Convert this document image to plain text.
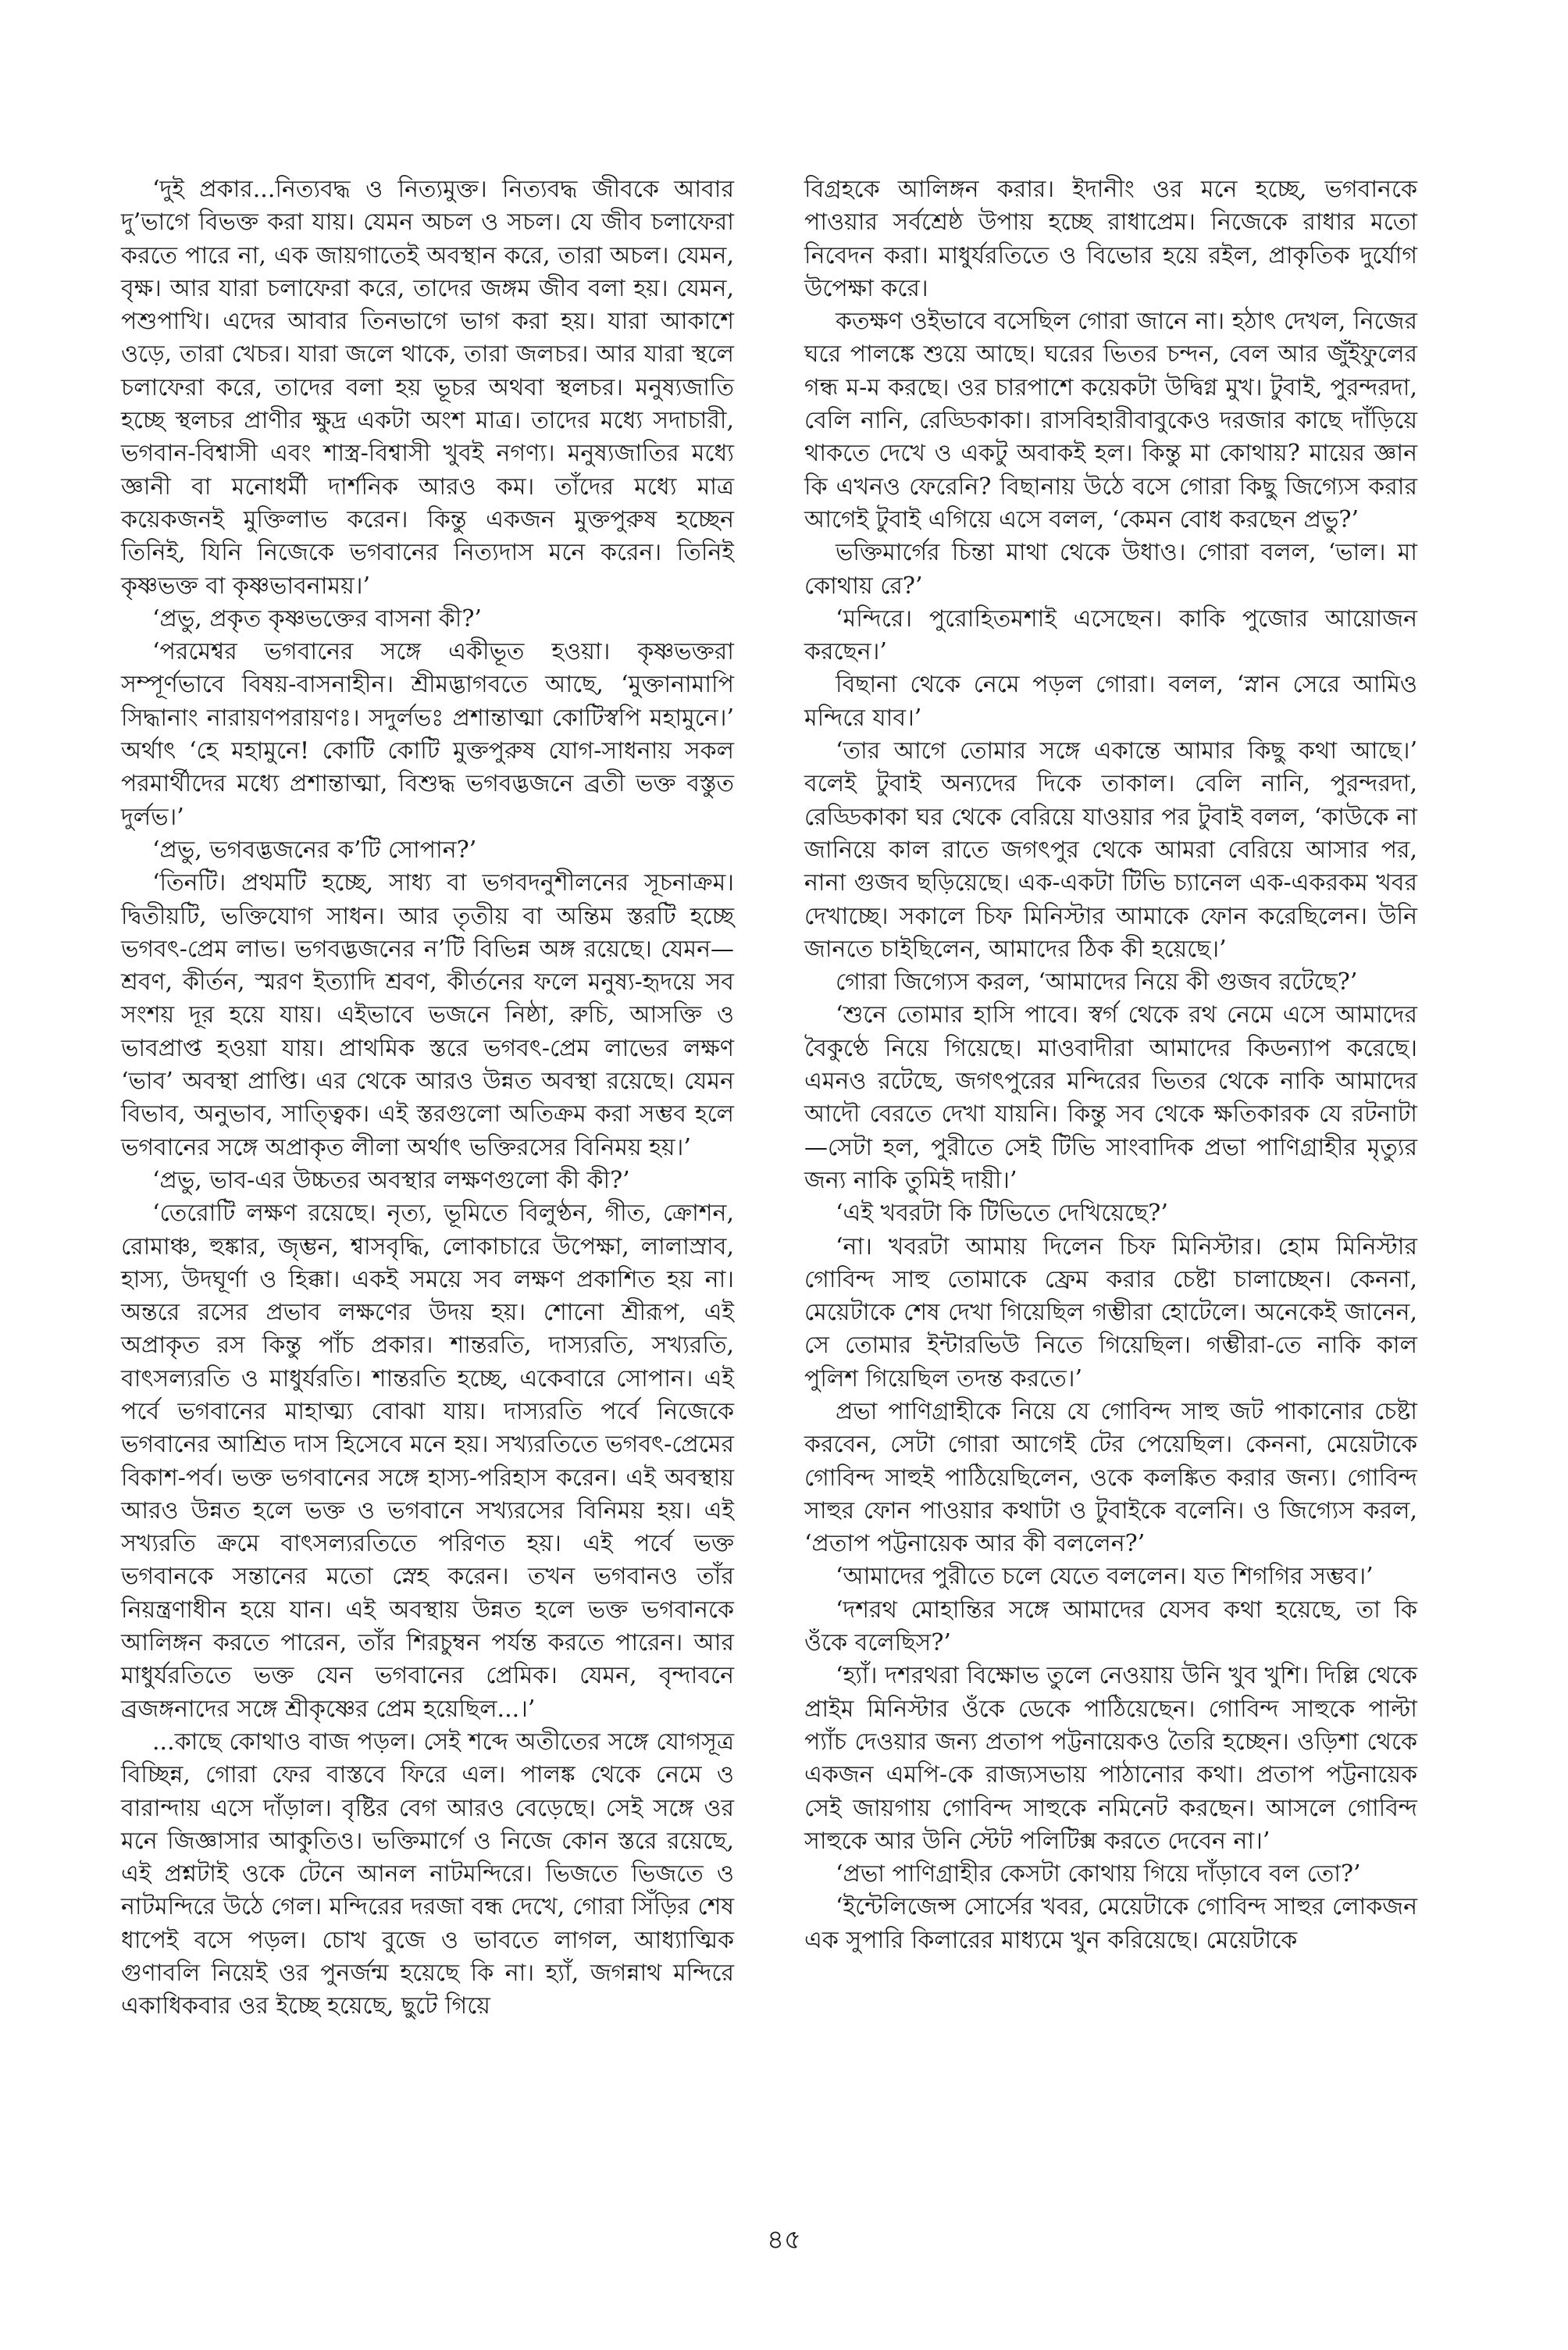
‘দুই প্রকার...নিত্যবদ্ধ ও নিত্যমুক্ত। নিত্যবদ্ধ জীবকে আবার দু’ভাগে বিভক্ত করা যায়। যেমন অচল ও সচল। যে জীব চলাফেরা করতে পারে না, এক জায়গাতেই অবস্থান করে, তারা অচল। যেমন, বৃক্ষ। আর যারা চলাফেরা করে, তাদের জঙ্গম জীব বলা হয়। যেমন, পশুপাখি। এদের আবার তিনভাগে ভাগ করা হয়। যারা আকাশে ওড়ে, তারা খেচর। যারা জলে থাকে, তারা জলচর। আর যারা স্থলে চলাফেরা করে, তাদের বলা হয় ভূচর অথবা স্থলচর। মনুষ্যজাতি হচ্ছে স্থলচর প্রাণীর ক্ষুদ্র একটা অংশ মাত্র। তাদের মধ্যে সদাচারী, ভগবান-বিশ্বাসী এবং শাস্ত্র-বিশ্বাসী খুবই নগণ্য। মনুষ্যজাতির মধ্যে জ্ঞানী বা মনোধর্মী দার্শনিক আরও কম। তাঁদের মধ্যে মাত্র কয়েকজনই মুক্তিলাভ করেন। কিন্তু একজন মুক্তপুরুষ হচ্ছেন তিনিই, যিনি নিজেকে ভগবানের নিত্যদাস মনে করেন। তিনিই কৃষ্ণভক্ত বা কৃষ্ণভাবনাময়।’

‘প্রভু, প্রকৃত কৃষ্ণভক্তের বাসনা কী?’

‘পরমেশ্বর ভগবানের সঙ্গে একীভূত হওয়া। কৃষ্ণভক্তরা সম্পূর্ণভাবে বিষয়-বাসনাহীন। শ্রীমদ্ভাগবতে আছে, ‘মুক্তানামাপি সিদ্ধানাং নারায়ণপরায়ণঃ। সদুর্লভঃ প্রশান্তাত্মা কোটিস্বপি মহামুনে।’ অর্থাৎ ‘হে মহামুনে! কোটি কোটি মুক্তপুরুষ যোগ-সাধনায় সকল পরমার্থীদের মধ্যে প্রশান্তাত্মা, বিশুদ্ধ ভগবদ্ভজনে ব্রতী ভক্ত বস্তুত দুর্লভ।’

‘প্রভু, ভগবদ্ভজনের ক’টি সোপান?’

‘তিনটি। প্রথমটি হচ্ছে, সাধ্য বা ভগবদনুশীলনের সূচনাক্রম। দ্বিতীয়টি, ভক্তিযোগ সাধন। আর তৃতীয় বা অন্তিম স্তরটি হচ্ছে ভগবৎ-প্রেম লাভ। ভগবদ্ভজনের ন’টি বিভিন্ন অঙ্গ রয়েছে। যেমন—শ্রবণ, কীর্তন, স্মরণ ইত্যাদি শ্রবণ, কীর্তনের ফলে মনুষ্য-হৃদয়ে সব সংশয় দূর হয়ে যায়। এইভাবে ভজনে নিষ্ঠা, রুচি, আসক্তি ও ভাবপ্রাপ্ত হওয়া যায়। প্রাথমিক স্তরে ভগবৎ-প্রেম লাভের লক্ষণ ‘ভাব’ অবস্থা প্রাপ্তি। এর থেকে আরও উন্নত অবস্থা রয়েছে। যেমন বিভাব, অনুভাব, সাত্ত্বিক। এই স্তরগুলো অতিক্রম করা সম্ভব হলে ভগবানের সঙ্গে অপ্রাকৃত লীলা অর্থাৎ ভক্তিরসের বিনিময় হয়।’

‘প্রভু, ভাব-এর উচ্চতর অবস্থার লক্ষণগুলো কী কী?’

‘তেরোটি লক্ষণ রয়েছে। নৃত্য, ভূমিতে বিলুণ্ঠন, গীত, ক্রোশন, রোমাঞ্চ, হুঙ্কার, জৃম্ভন, শ্বাসবৃদ্ধি, লোকাচারে উপেক্ষা, লালাস্রাব, হাস্য, উদঘূর্ণা ও হিক্কা। একই সময়ে সব লক্ষণ প্রকাশিত হয় না। অন্তরে রসের প্রভাব লক্ষণের উদয় হয়। শোনো শ্রীরূপ, এই অপ্রাকৃত রস কিন্তু পাঁচ প্রকার। শান্তরতি, দাস্যরতি, সখ্যরতি, বাৎসল্যরতি ও মাধুর্যরতি। শান্তরতি হচ্ছে, একেবারে সোপান। এই পর্বে ভগবানের মাহাত্ম্য বোঝা যায়। দাস্যরতি পর্বে নিজেকে ভগবানের আশ্রিত দাস হিসেবে মনে হয়। সখ্যরতিতে ভগবৎ-প্রেমের বিকাশ-পর্ব। ভক্ত ভগবানের সঙ্গে হাস্য-পরিহাস করেন। এই অবস্থায় আরও উন্নত হলে ভক্ত ও ভগবানে সখ্যরসের বিনিময় হয়। এই সখ্যরতি ক্রমে বাৎসল্যরতিতে পরিণত হয়। এই পর্বে ভক্ত ভগবানকে সন্তানের মতো স্নেহ করেন। তখন ভগবানও তাঁর নিয়ন্ত্রণাধীন হয়ে যান। এই অবস্থায় উন্নত হলে ভক্ত ভগবানকে আলিঙ্গন করতে পারেন, তাঁর শিরচুম্বন পর্যন্ত করতে পারেন। আর মাধুর্যরতিতে ভক্ত যেন ভগবানের প্রেমিক। যেমন, বৃন্দাবনে ব্রজঙ্গনাদের সঙ্গে শ্রীকৃষ্ণের প্রেম হয়েছিল...।’

...কাছে কোথাও বাজ পড়ল। সেই শব্দে অতীতের সঙ্গে যোগসূত্র বিচ্ছিন্ন, গোরা ফের বাস্তবে ফিরে এল। পালঙ্ক থেকে নেমে ও বারান্দায় এসে দাঁড়াল। বৃষ্টির বেগ আরও বেড়েছে। সেই সঙ্গে ওর মনে জিজ্ঞাসার আকুতিও। ভক্তিমার্গে ও নিজে কোন স্তরে রয়েছে, এই প্রশ্নটাই ওকে টেনে আনল নাটমন্দিরে। ভিজতে ভিজতে ও নাটমন্দিরে উঠে গেল। মন্দিরের দরজা বন্ধ দেখে, গোরা সিঁড়ির শেষ ধাপেই বসে পড়ল। চোখ বুজে ও ভাবতে লাগল, আধ্যাত্মিক গুণাবলি নিয়েই ওর পুনর্জন্ম হয়েছে কি না। হ্যাঁ, জগন্নাথ মন্দিরে একাধিকবার ওর ইচ্ছে হয়েছে, ছুটে গিয়ে

বিগ্রহকে আলিঙ্গন করার। ইদানীং ওর মনে হচ্ছে, ভগবানকে পাওয়ার সর্বশ্রেষ্ঠ উপায় হচ্ছে রাধাপ্রেম। নিজেকে রাধার মতো নিবেদন করা। মাধুর্যরতিতে ও বিভোর হয়ে রইল, প্রাকৃতিক দুর্যোগ উপেক্ষা করে।

কতক্ষণ ওইভাবে বসেছিল গোরা জানে না। হঠাৎ দেখল, নিজের ঘরে পালঙ্কে শুয়ে আছে। ঘরের ভিতর চন্দন, বেল আর জুঁইফুলের গন্ধ ম-ম করছে। ওর চারপাশে কয়েকটা উদ্বিগ্ন মুখ। টুবাই, পুরন্দরদা, বেলি নানি, রেড্ডিকাকা। রাসবিহারীবাবুকেও দরজার কাছে দাঁড়িয়ে থাকতে দেখে ও একটু অবাকই হল। কিন্তু মা কোথায়? মায়ের জ্ঞান কি এখনও ফেরেনি? বিছানায় উঠে বসে গোরা কিছু জিগ্যেস করার আগেই টুবাই এগিয়ে এসে বলল, ‘কেমন বোধ করছেন প্রভু?’

ভক্তিমার্গের চিন্তা মাথা থেকে উধাও। গোরা বলল, ‘ভাল। মা কোথায় রে?’

‘মন্দিরে। পুরোহিতমশাই এসেছেন। কাকি পুজোর আয়োজন করছেন।’

বিছানা থেকে নেমে পড়ল গোরা। বলল, ‘স্নান সেরে আমিও মন্দিরে যাব।’

‘তার আগে তোমার সঙ্গে একান্তে আমার কিছু কথা আছে।’ বলেই টুবাই অন্যদের দিকে তাকাল। বেলি নানি, পুরন্দরদা, রেড্ডিকাকা ঘর থেকে বেরিয়ে যাওয়ার পর টুবাই বলল, ‘কাউকে না জানিয়ে কাল রাতে জগৎপুর থেকে আমরা বেরিয়ে আসার পর, নানা গুজব ছড়িয়েছে। এক-একটা টিভি চ্যানেল এক-একরকম খবর দেখাচ্ছে। সকালে চিফ মিনিস্টার আমাকে ফোন করেছিলেন। উনি জানতে চাইছিলেন, আমাদের ঠিক কী হয়েছে।’

গোরা জিগ্যেস করল, ‘আমাদের নিয়ে কী গুজব রটেছে?’

‘শুনে তোমার হাসি পাবে। স্বর্গ থেকে রথ নেমে এসে আমাদের বৈকুণ্ঠে নিয়ে গিয়েছে। মাওবাদীরা আমাদের কিডন্যাপ করেছে। এমনও রটেছে, জগৎপুরের মন্দিরের ভিতর থেকে নাকি আমাদের আদৌ বেরতে দেখা যায়নি। কিন্তু সব থেকে ক্ষতিকারক যে রটনাটা—সেটা হল, পুরীতে সেই টিভি সাংবাদিক প্রভা পাণিগ্রাহীর মৃত্যুর জন্য নাকি তুমিই দায়ী।’

‘এই খবরটা কি টিভিতে দেখিয়েছে?’

‘না। খবরটা আমায় দিলেন চিফ মিনিস্টার। হোম মিনিস্টার গোবিন্দ সাহু তোমাকে ফ্রেম করার চেষ্টা চালাচ্ছেন। কেননা, মেয়েটাকে শেষ দেখা গিয়েছিল গম্ভীরা হোটেলে। অনেকেই জানেন, সে তোমার ইন্টারভিউ নিতে গিয়েছিল। গম্ভীরা-তে নাকি কাল পুলিশ গিয়েছিল তদন্ত করতে।’

প্রভা পাণিগ্রাহীকে নিয়ে যে গোবিন্দ সাহু জট পাকানোর চেষ্টা করবেন, সেটা গোরা আগেই টের পেয়েছিল। কেননা, মেয়েটাকে গোবিন্দ সাহুই পাঠিয়েছিলেন, ওকে কলঙ্কিত করার জন্য। গোবিন্দ সাহুর ফোন পাওয়ার কথাটা ও টুবাইকে বলেনি। ও জিগ্যেস করল, ‘প্রতাপ পট্টনায়েক আর কী বললেন?’

‘আমাদের পুরীতে চলে যেতে বললেন। যত শিগগির সম্ভব।’

‘দশরথ মোহান্তির সঙ্গে আমাদের যেসব কথা হয়েছে, তা কি ওঁকে বলেছিস?’

‘হ্যাঁ। দশরথরা বিক্ষোভ তুলে নেওয়ায় উনি খুব খুশি। দিল্লি থেকে প্রাইম মিনিস্টার ওঁকে ডেকে পাঠিয়েছেন। গোবিন্দ সাহুকে পাল্টা প্যাঁচ দেওয়ার জন্য প্রতাপ পট্টনায়েকও তৈরি হচ্ছেন। ওড়িশা থেকে একজন এমপি-কে রাজ্যসভায় পাঠানোর কথা। প্রতাপ পট্টনায়েক সেই জায়গায় গোবিন্দ সাহুকে নমিনেট করছেন। আসলে গোবিন্দ সাহুকে আর উনি স্টেট পলিটিক্স করতে দেবেন না।’

‘প্রভা পাণিগ্রাহীর কেসটা কোথায় গিয়ে দাঁড়াবে বল তো?’

‘ইন্টেলিজেন্স সোর্সের খবর, মেয়েটাকে গোবিন্দ সাহুর লোকজন এক সুপারি কিলারের মাধ্যমে খুন করিয়েছে। মেয়েটাকে

৪৫
